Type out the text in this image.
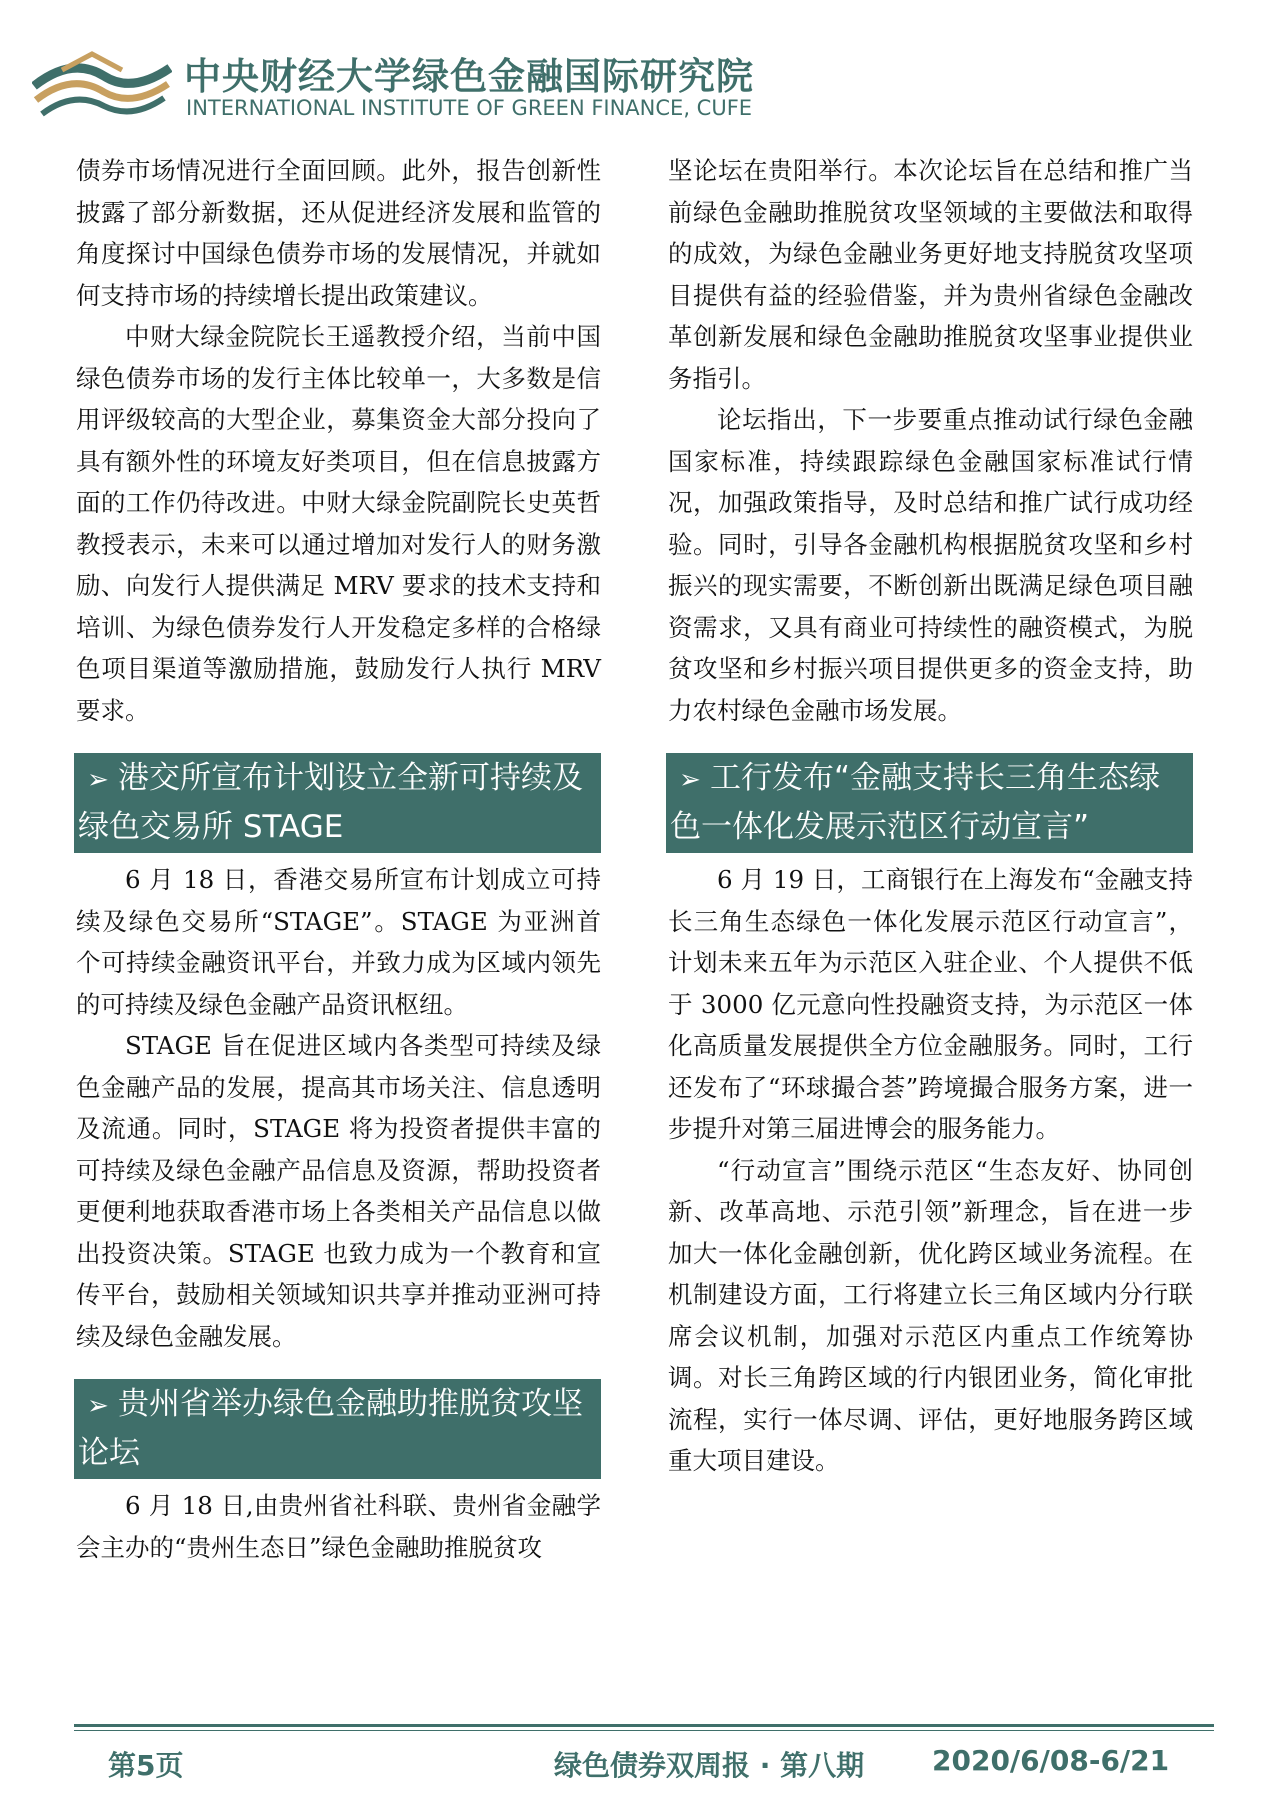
中央财经大学绿色金融国际研究院
INTERNATIONAL INSTITUTE OF GREEN FINANCE, CUFE

债券市场情况进行全面回顾。此外，报告创新性披露了部分新数据，还从促进经济发展和监管的角度探讨中国绿色债券市场的发展情况，并就如何支持市场的持续增长提出政策建议。

中财大绿金院院长王遥教授介绍，当前中国绿色债券市场的发行主体比较单一，大多数是信用评级较高的大型企业，募集资金大部分投向了具有额外性的环境友好类项目，但在信息披露方面的工作仍待改进。中财大绿金院副院长史英哲教授表示，未来可以通过增加对发行人的财务激励、向发行人提供满足 MRV 要求的技术支持和培训、为绿色债券发行人开发稳定多样的合格绿色项目渠道等激励措施，鼓励发行人执行 MRV 要求。

➢ 港交所宣布计划设立全新可持续及绿色交易所 STAGE

6 月 18 日，香港交易所宣布计划成立可持续及绿色交易所“STAGE”。STAGE 为亚洲首个可持续金融资讯平台，并致力成为区域内领先的可持续及绿色金融产品资讯枢纽。

STAGE 旨在促进区域内各类型可持续及绿色金融产品的发展，提高其市场关注、信息透明及流通。同时，STAGE 将为投资者提供丰富的可持续及绿色金融产品信息及资源，帮助投资者更便利地获取香港市场上各类相关产品信息以做出投资决策。STAGE 也致力成为一个教育和宣传平台，鼓励相关领域知识共享并推动亚洲可持续及绿色金融发展。

➢ 贵州省举办绿色金融助推脱贫攻坚论坛

6 月 18 日,由贵州省社科联、贵州省金融学会主办的“贵州生态日”绿色金融助推脱贫攻

坚论坛在贵阳举行。本次论坛旨在总结和推广当前绿色金融助推脱贫攻坚领域的主要做法和取得的成效，为绿色金融业务更好地支持脱贫攻坚项目提供有益的经验借鉴，并为贵州省绿色金融改革创新发展和绿色金融助推脱贫攻坚事业提供业务指引。

论坛指出，下一步要重点推动试行绿色金融国家标准，持续跟踪绿色金融国家标准试行情况，加强政策指导，及时总结和推广试行成功经验。同时，引导各金融机构根据脱贫攻坚和乡村振兴的现实需要，不断创新出既满足绿色项目融资需求，又具有商业可持续性的融资模式，为脱贫攻坚和乡村振兴项目提供更多的资金支持，助力农村绿色金融市场发展。

➢ 工行发布“金融支持长三角生态绿色一体化发展示范区行动宣言”

6 月 19 日，工商银行在上海发布“金融支持长三角生态绿色一体化发展示范区行动宣言”，计划未来五年为示范区入驻企业、个人提供不低于 3000 亿元意向性投融资支持，为示范区一体化高质量发展提供全方位金融服务。同时，工行还发布了“环球撮合荟”跨境撮合服务方案，进一步提升对第三届进博会的服务能力。

“行动宣言”围绕示范区“生态友好、协同创新、改革高地、示范引领”新理念，旨在进一步加大一体化金融创新，优化跨区域业务流程。在机制建设方面，工行将建立长三角区域内分行联席会议机制，加强对示范区内重点工作统筹协调。对长三角跨区域的行内银团业务，简化审批流程，实行一体尽调、评估，更好地服务跨区域重大项目建设。

第5页	绿色债券双周报 · 第八期 2020/6/08-6/21
